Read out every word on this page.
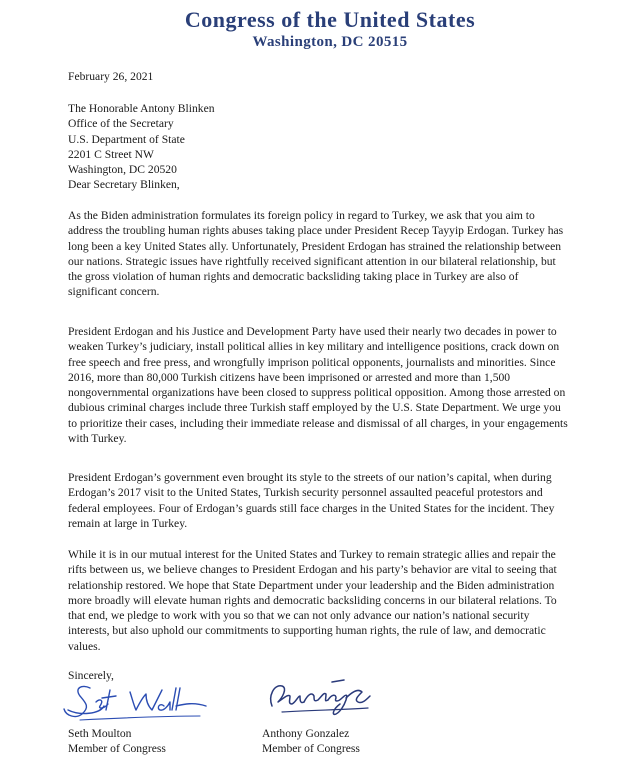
Congress of the United States
Washington, DC 20515
February 26, 2021
The Honorable Antony Blinken
Office of the Secretary
U.S. Department of State
2201 C Street NW
Washington, DC 20520
Dear Secretary Blinken,

As the Biden administration formulates its foreign policy in regard to Turkey, we ask that you aim to address the troubling human rights abuses taking place under President Recep Tayyip Erdogan. Turkey has long been a key United States ally. Unfortunately, President Erdogan has strained the relationship between our nations. Strategic issues have rightfully received significant attention in our bilateral relationship, but the gross violation of human rights and democratic backsliding taking place in Turkey are also of significant concern.

President Erdogan and his Justice and Development Party have used their nearly two decades in power to weaken Turkey’s judiciary, install political allies in key military and intelligence positions, crack down on free speech and free press, and wrongfully imprison political opponents, journalists and minorities. Since 2016, more than 80,000 Turkish citizens have been imprisoned or arrested and more than 1,500 nongovernmental organizations have been closed to suppress political opposition. Among those arrested on dubious criminal charges include three Turkish staff employed by the U.S. State Department. We urge you to prioritize their cases, including their immediate release and dismissal of all charges, in your engagements with Turkey.

President Erdogan’s government even brought its style to the streets of our nation’s capital, when during Erdogan’s 2017 visit to the United States, Turkish security personnel assaulted peaceful protestors and federal employees. Four of Erdogan’s guards still face charges in the United States for the incident. They remain at large in Turkey.

While it is in our mutual interest for the United States and Turkey to remain strategic allies and repair the rifts between us, we believe changes to President Erdogan and his party’s behavior are vital to seeing that relationship restored. We hope that State Department under your leadership and the Biden administration more broadly will elevate human rights and democratic backsliding concerns in our bilateral relations. To that end, we pledge to work with you so that we can not only advance our nation’s national security interests, but also uphold our commitments to supporting human rights, the rule of law, and democratic values.

Sincerely,
Seth Moulton
Member of Congress
Anthony Gonzalez
Member of Congress
